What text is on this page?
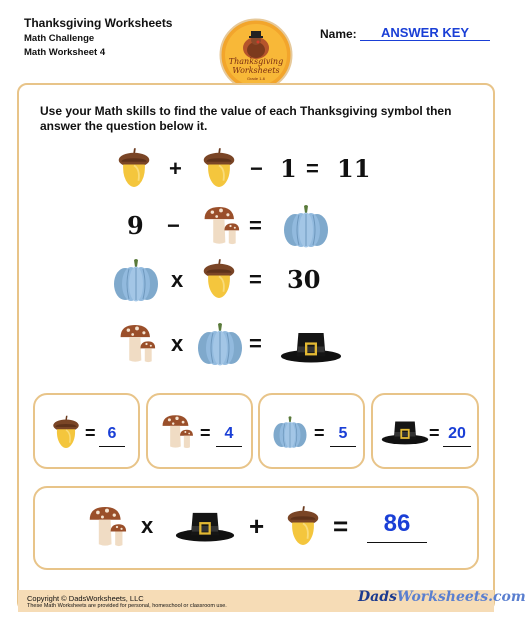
Thanksgiving Worksheets
Math Challenge
Math Worksheet 4
Thanksgiving
Worksheets
Grade 1-6
Name:	ANSWER KEY
Use your Math skills to find the value of each Thanksgiving symbol then answer the question below it.
+	− 1 = 11
9 −	=
x	= 30
x	=
= 6	= 4	= 5	= 20
x	+	=	86
Copyright © DadsWorksheets, LLC
These Math Worksheets are provided for personal, homeschool or classroom use.
DadsWorksheets.com
